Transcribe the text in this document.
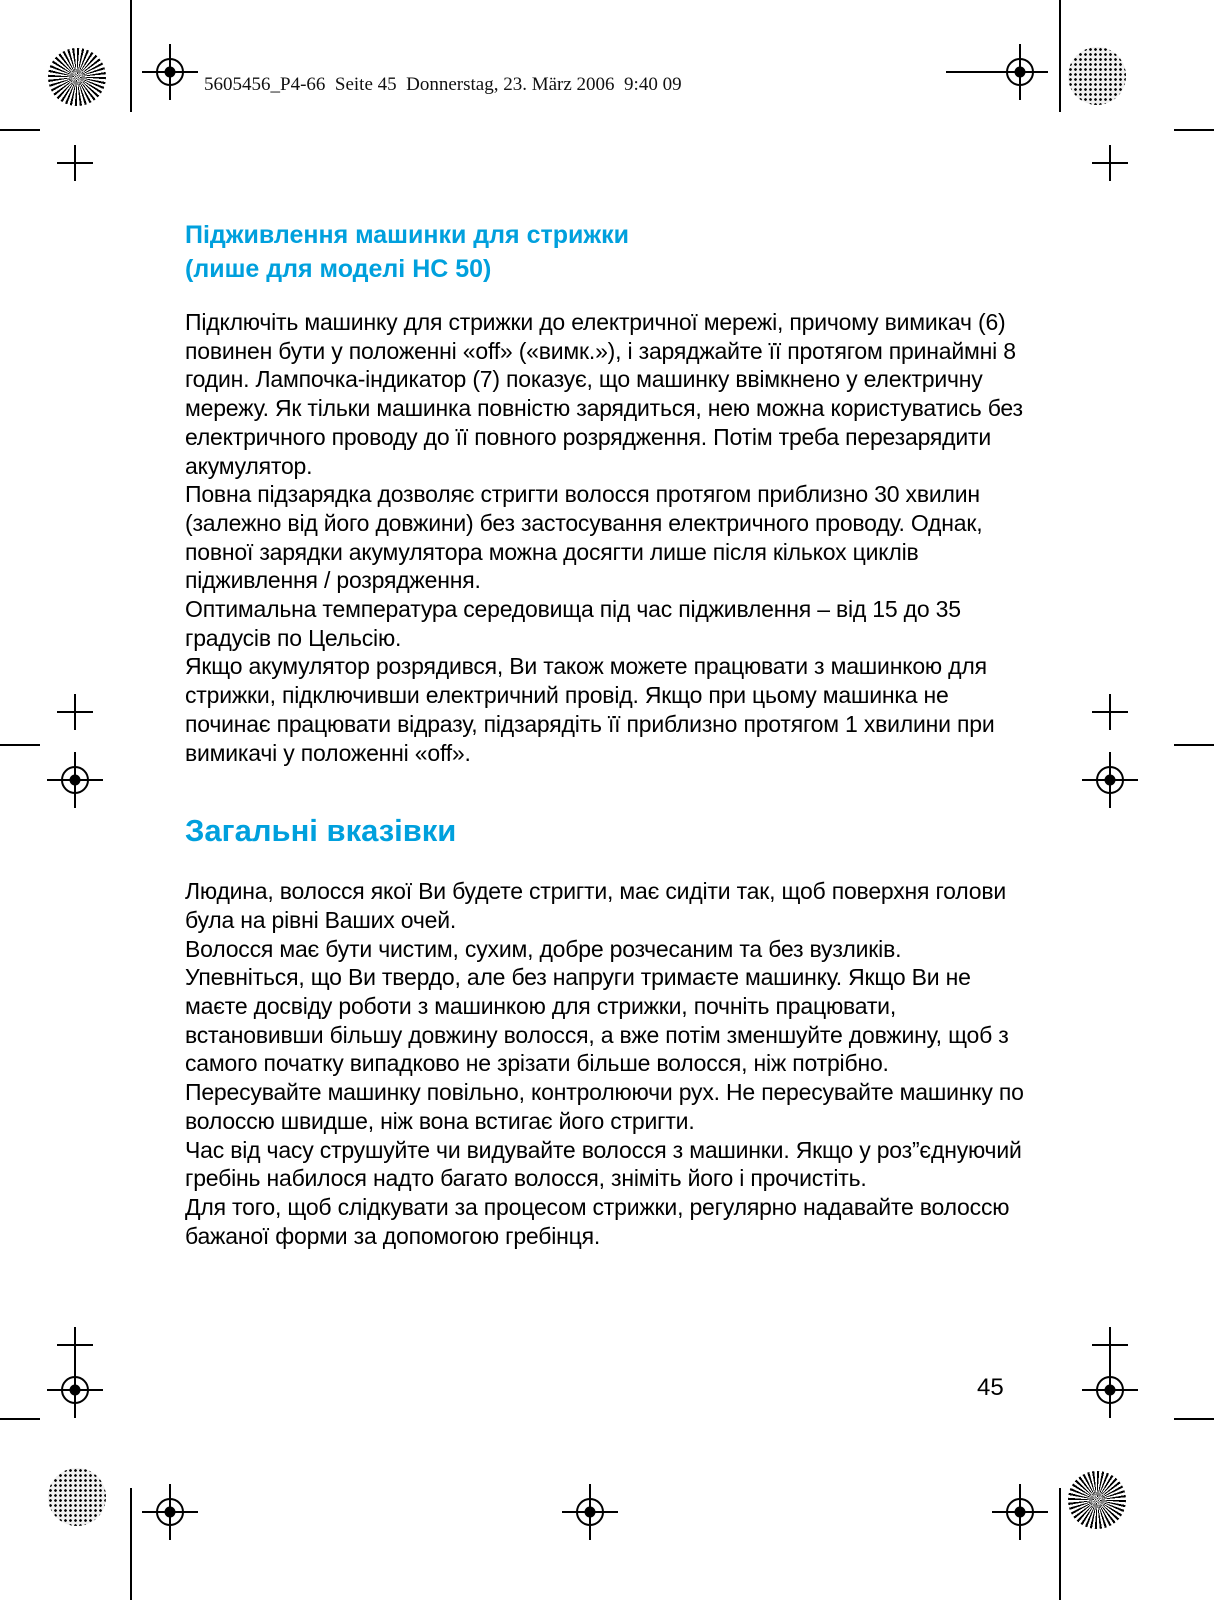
5605456_P4-66  Seite 45  Donnerstag, 23. März 2006  9:40 09
Підживлення машинки для стрижки
(лише для моделі HC 50)

Підключіть машинку для стрижки до електричної мережі, причому вимикач (6) повинен бути у положенні «off» («вимк.»), і заряджайте її протягом принаймні 8 годин. Лампочка-індикатор (7) показує, що машинку ввімкнено у електричну мережу. Як тільки машинка повністю зарядиться, нею можна користуватись без електричного проводу до її повного розрядження. Потім треба перезарядити акумулятор.

Повна підзарядка дозволяє стригти волосся протягом приблизно 30 хвилин (залежно від його довжини) без застосування електричного проводу. Однак, повної зарядки акумулятора можна досягти лише після кількох циклів підживлення / розрядження.

Оптимальна температура середовища під час підживлення – від 15 до 35 градусів по Цельсію.

Якщо акумулятор розрядився, Ви також можете працювати з машинкою для стрижки, підключивши електричний провід. Якщо при цьому машинка не починає працювати відразу, підзарядіть її приблизно протягом 1 хвилини при вимикачі у положенні «off».

Загальні вказівки

Людина, волосся якої Ви будете стригти, має сидіти так, щоб поверхня голови була на рівні Ваших очей.

Волосся має бути чистим, сухим, добре розчесаним та без вузликів.

Упевніться, що Ви твердо, але без напруги тримаєте машинку. Якщо Ви не маєте досвіду роботи з машинкою для стрижки, почніть працювати, встановивши більшу довжину волосся, а вже потім зменшуйте довжину, щоб з самого початку випадково не зрізати більше волосся, ніж потрібно.

Пересувайте машинку повільно, контролюючи рух. Не пересувайте машинку по волоссю швидше, ніж вона встигає його стригти.

Час від часу струшуйте чи видувайте волосся з машинки. Якщо у роз”єднуючий гребінь набилося надто багато волосся, зніміть його і прочистіть.

Для того, щоб слідкувати за процесом стрижки, регулярно надавайте волоссю бажаної форми за допомогою гребінця.

45
